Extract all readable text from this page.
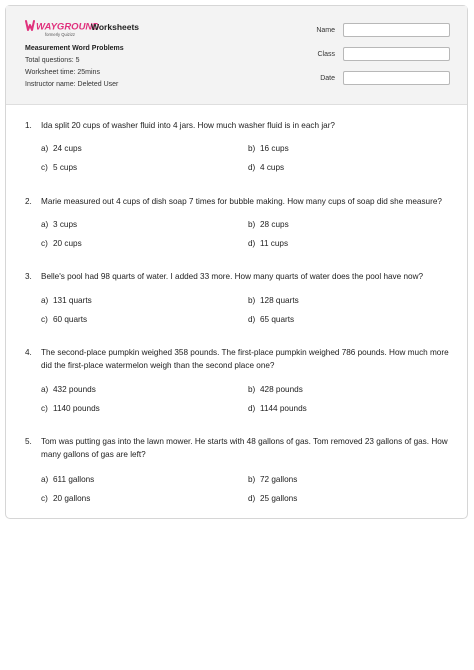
WAYGROUND
formerly Quizizz
Worksheets
Measurement Word Problems
Total questions: 5
Worksheet time: 25mins
Instructor name: Deleted User
Name
Class
Date
1. Ida split 20 cups of washer fluid into 4 jars. How much washer fluid is in each jar?
a) 24 cups	b) 16 cups
c) 5 cups	d) 4 cups
2. Marie measured out 4 cups of dish soap 7 times for bubble making. How many cups of soap did she measure?
a) 3 cups	b) 28 cups
c) 20 cups	d) 11 cups
3. Belle's pool had 98 quarts of water. I added 33 more. How many quarts of water does the pool have now?
a) 131 quarts	b) 128 quarts
c) 60 quarts	d) 65 quarts
4. The second-place pumpkin weighed 358 pounds. The first-place pumpkin weighed 786 pounds. How much more did the first-place watermelon weigh than the second place one?
a) 432 pounds	b) 428 pounds
c) 1140 pounds	d) 1144 pounds
5. Tom was putting gas into the lawn mower. He starts with 48 gallons of gas. Tom removed 23 gallons of gas. How many gallons of gas are left?
a) 611 gallons	b) 72 gallons
c) 20 gallons	d) 25 gallons
